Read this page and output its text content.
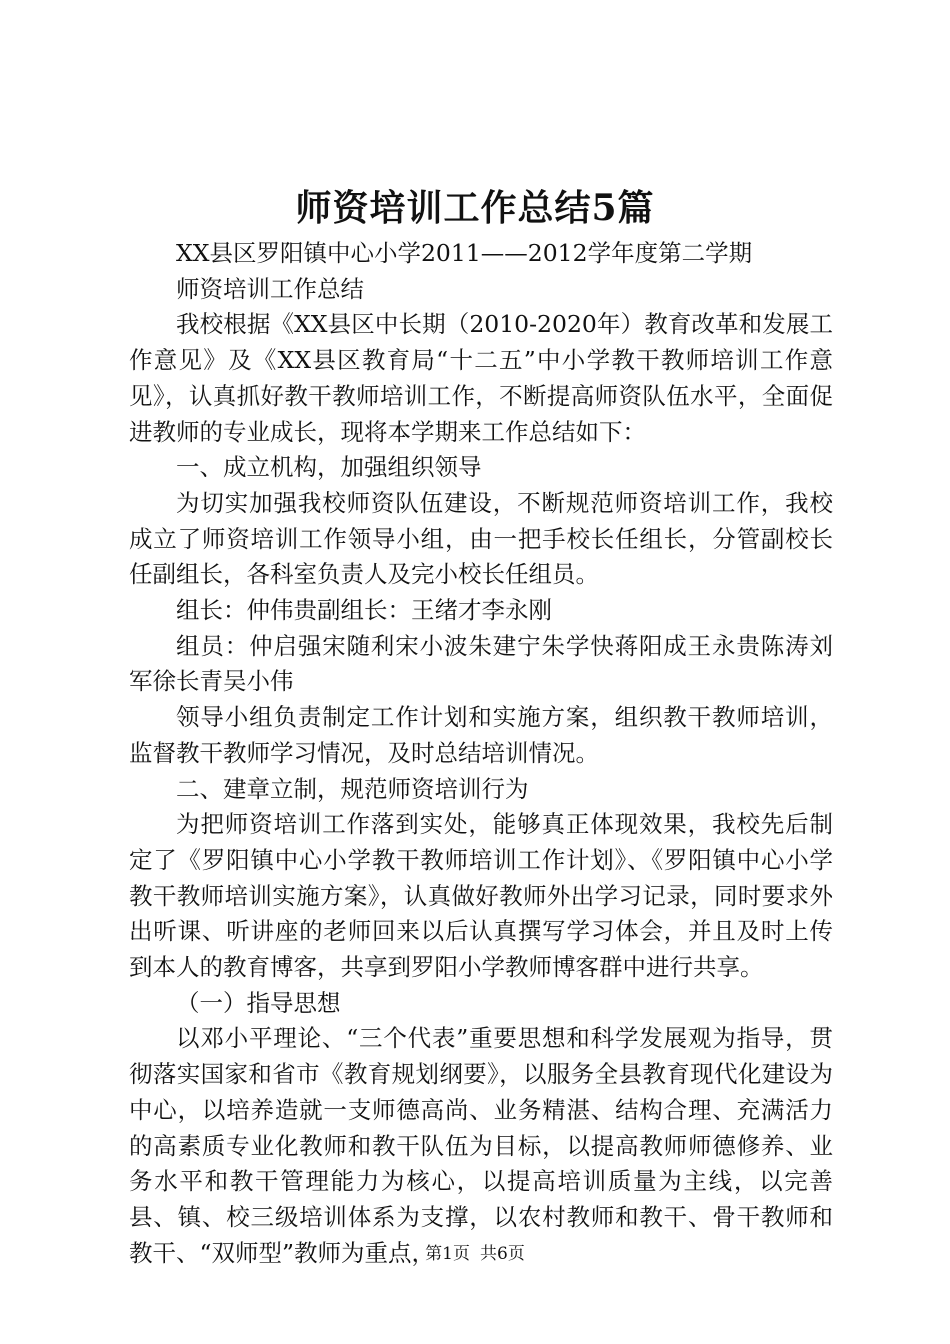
师资培训工作总结5篇

XX县区罗阳镇中心小学2011——2012学年度第二学期

师资培训工作总结

我校根据《XX县区中长期（2010-2020年）教育改革和发展工作意见》及《XX县区教育局“十二五”中小学教干教师培训工作意见》，认真抓好教干教师培训工作，不断提高师资队伍水平，全面促进教师的专业成长，现将本学期来工作总结如下：

一、成立机构，加强组织领导

为切实加强我校师资队伍建设，不断规范师资培训工作，我校成立了师资培训工作领导小组，由一把手校长任组长，分管副校长任副组长，各科室负责人及完小校长任组员。

组长：仲伟贵副组长：王绪才李永刚

组员：仲启强宋随利宋小波朱建宁朱学快蒋阳成王永贵陈涛刘军徐长青吴小伟

领导小组负责制定工作计划和实施方案，组织教干教师培训，监督教干教师学习情况，及时总结培训情况。

二、建章立制，规范师资培训行为

为把师资培训工作落到实处，能够真正体现效果，我校先后制定了《罗阳镇中心小学教干教师培训工作计划》、《罗阳镇中心小学教干教师培训实施方案》，认真做好教师外出学习记录，同时要求外出听课、听讲座的老师回来以后认真撰写学习体会，并且及时上传到本人的教育博客，共享到罗阳小学教师博客群中进行共享。

（一）指导思想

以邓小平理论、“三个代表”重要思想和科学发展观为指导，贯彻落实国家和省市《教育规划纲要》，以服务全县教育现代化建设为中心，以培养造就一支师德高尚、业务精湛、结构合理、充满活力的高素质专业化教师和教干队伍为目标，以提高教师师德修养、业务水平和教干管理能力为核心，以提高培训质量为主线，以完善县、镇、校三级培训体系为支撑，以农村教师和教干、骨干教师和教干、“双师型”教师为重点，

第1页 共6页
